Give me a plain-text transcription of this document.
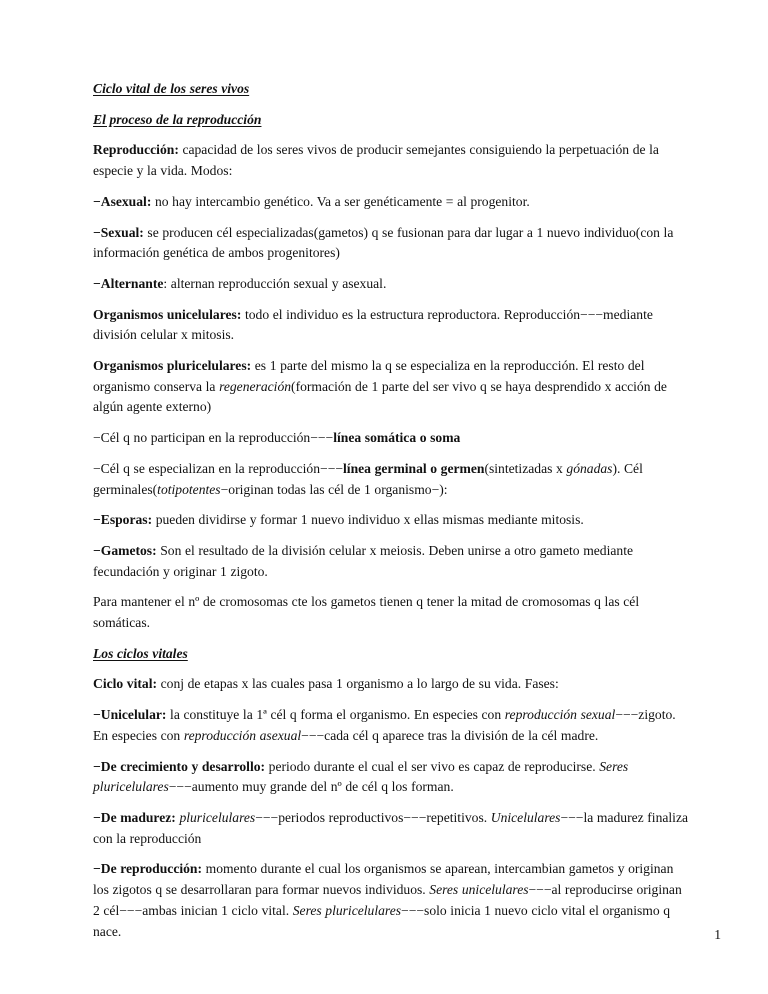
Ciclo vital de los seres vivos

El proceso de la reproducción

Reproducción: capacidad de los seres vivos de producir semejantes consiguiendo la perpetuación de la especie y la vida. Modos:

−Asexual: no hay intercambio genético. Va a ser genéticamente = al progenitor.

−Sexual: se producen cél especializadas(gametos) q se fusionan para dar lugar a 1 nuevo individuo(con la información genética de ambos progenitores)

−Alternante: alternan reproducción sexual y asexual.

Organismos unicelulares: todo el individuo es la estructura reproductora. Reproducción−−−mediante división celular x mitosis.

Organismos pluricelulares: es 1 parte del mismo la q se especializa en la reproducción. El resto del organismo conserva la regeneración(formación de 1 parte del ser vivo q se haya desprendido x acción de algún agente externo)

−Cél q no participan en la reproducción−−−línea somática o soma

−Cél q se especializan en la reproducción−−−línea germinal o germen(sintetizadas x gónadas). Cél germinales(totipotentes−originan todas las cél de 1 organismo−):

−Esporas: pueden dividirse y formar 1 nuevo individuo x ellas mismas mediante mitosis.

−Gametos: Son el resultado de la división celular x meiosis. Deben unirse a otro gameto mediante fecundación y originar 1 zigoto.

Para mantener el nº de cromosomas cte los gametos tienen q tener la mitad de cromosomas q las cél somáticas.

Los ciclos vitales

Ciclo vital: conj de etapas x las cuales pasa 1 organismo a lo largo de su vida. Fases:

−Unicelular: la constituye la 1ª cél q forma el organismo. En especies con reproducción sexual−−−zigoto. En especies con reproducción asexual−−−cada cél q aparece tras la división de la cél madre.

−De crecimiento y desarrollo: periodo durante el cual el ser vivo es capaz de reproducirse. Seres pluricelulares−−−aumento muy grande del nº de cél q los forman.

−De madurez: pluricelulares−−−periodos reproductivos−−−repetitivos. Unicelulares−−−la madurez finaliza con la reproducción

−De reproducción: momento durante el cual los organismos se aparean, intercambian gametos y originan los zigotos q se desarrollaran para formar nuevos individuos. Seres unicelulares−−−al reproducirse originan 2 cél−−−ambas inician 1 ciclo vital. Seres pluricelulares−−−solo inicia 1 nuevo ciclo vital el organismo q nace.	1
